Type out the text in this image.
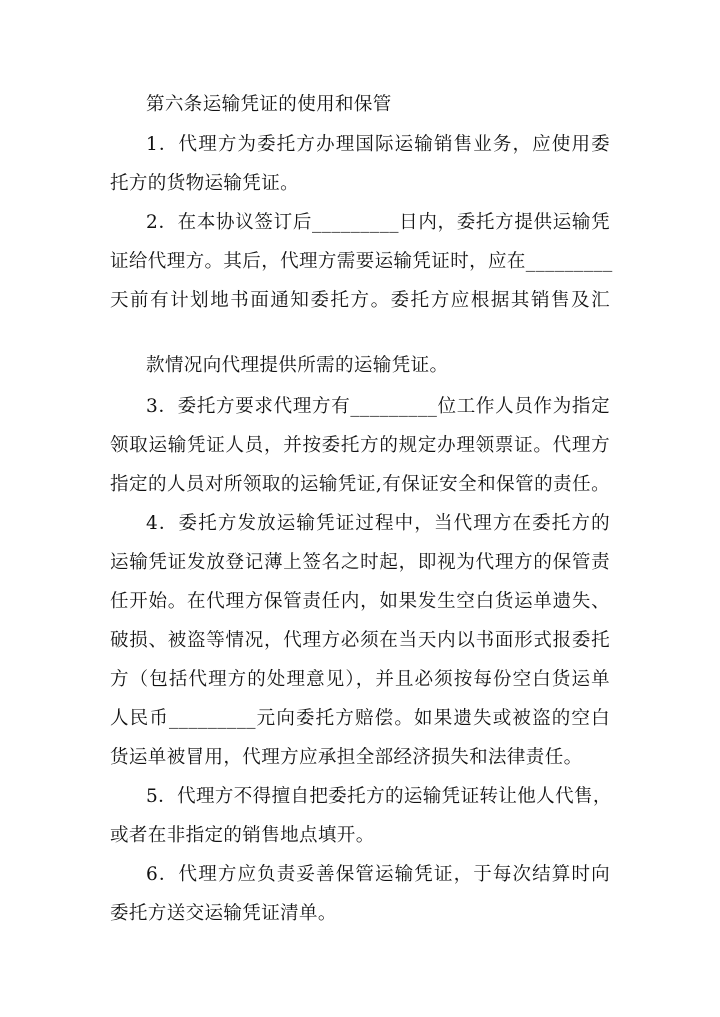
第六条运输凭证的使用和保管
1．代理方为委托方办理国际运输销售业务，应使用委
托方的货物运输凭证。
2．在本协议签订后_________日内，委托方提供运输凭
证给代理方。其后，代理方需要运输凭证时，应在_________
天前有计划地书面通知委托方。委托方应根据其销售及汇
款情况向代理提供所需的运输凭证。
3．委托方要求代理方有_________位工作人员作为指定
领取运输凭证人员，并按委托方的规定办理领票证。代理方
指定的人员对所领取的运输凭证,有保证安全和保管的责任。
4．委托方发放运输凭证过程中，当代理方在委托方的
运输凭证发放登记薄上签名之时起，即视为代理方的保管责
任开始。在代理方保管责任内，如果发生空白货运单遗失、
破损、被盗等情况，代理方必须在当天内以书面形式报委托
方（包括代理方的处理意见），并且必须按每份空白货运单
人民币_________元向委托方赔偿。如果遗失或被盗的空白
货运单被冒用，代理方应承担全部经济损失和法律责任。
5．代理方不得擅自把委托方的运输凭证转让他人代售，
或者在非指定的销售地点填开。
6．代理方应负责妥善保管运输凭证，于每次结算时向
委托方送交运输凭证清单。
